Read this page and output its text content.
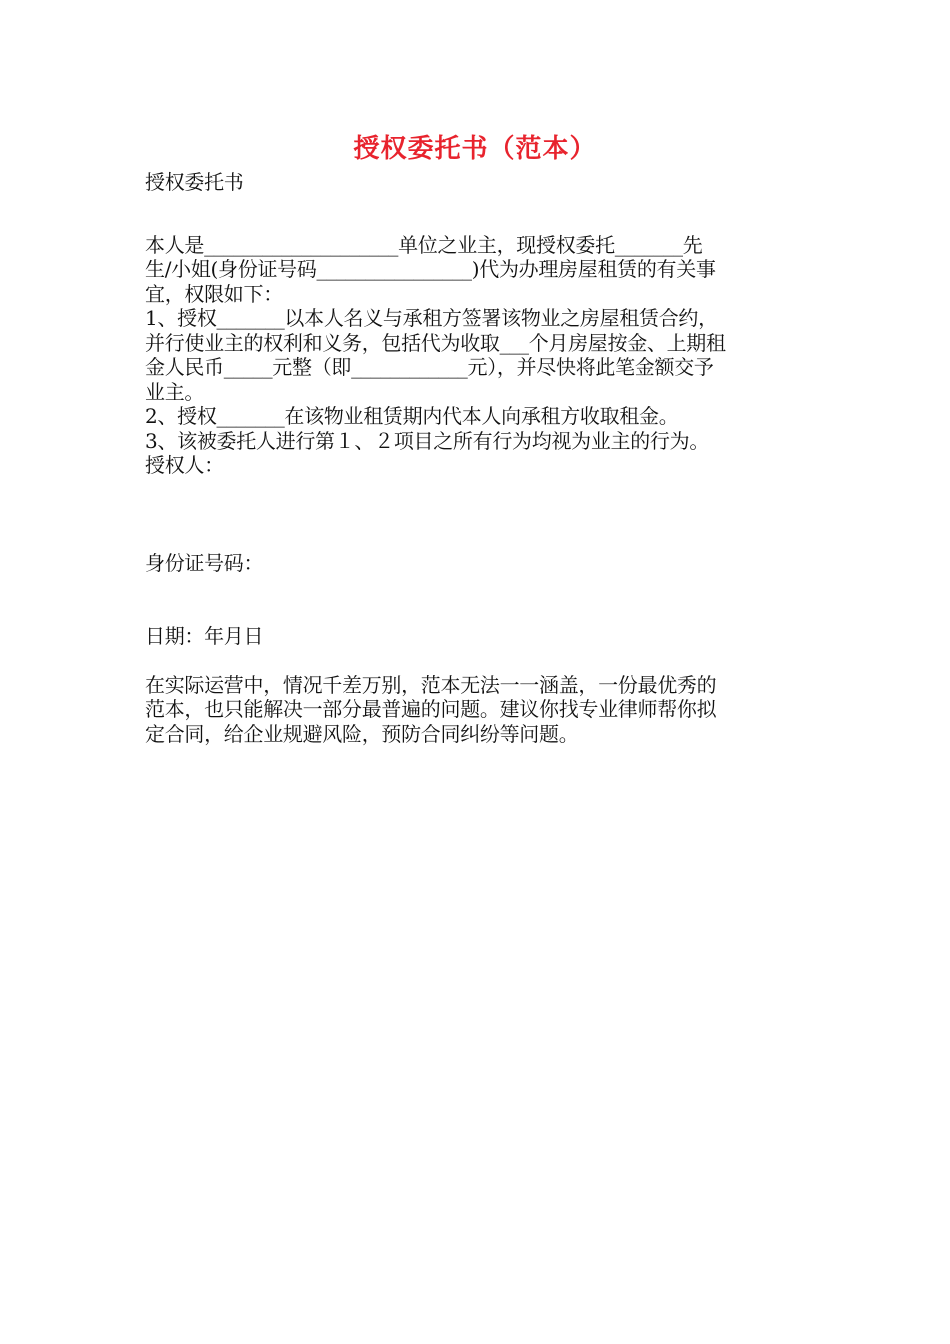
授权委托书（范本）

授权委托书

本人是____________________单位之业主，现授权委托_______先

生/小姐(身份证号码________________)代为办理房屋租赁的有关事

宜，权限如下：

1、授权_______以本人名义与承租方签署该物业之房屋租赁合约，

并行使业主的权利和义务，包括代为收取___个月房屋按金、上期租

金人民币_____元整（即____________元），并尽快将此笔金额交予

业主。

2、授权_______在该物业租赁期内代本人向承租方收取租金。

3、该被委托人进行第１、２项目之所有行为均视为业主的行为。

授权人：

身份证号码：

日期：年月日

在实际运营中，情况千差万别，范本无法一一涵盖，一份最优秀的

范本，也只能解决一部分最普遍的问题。建议你找专业律师帮你拟

定合同，给企业规避风险，预防合同纠纷等问题。
